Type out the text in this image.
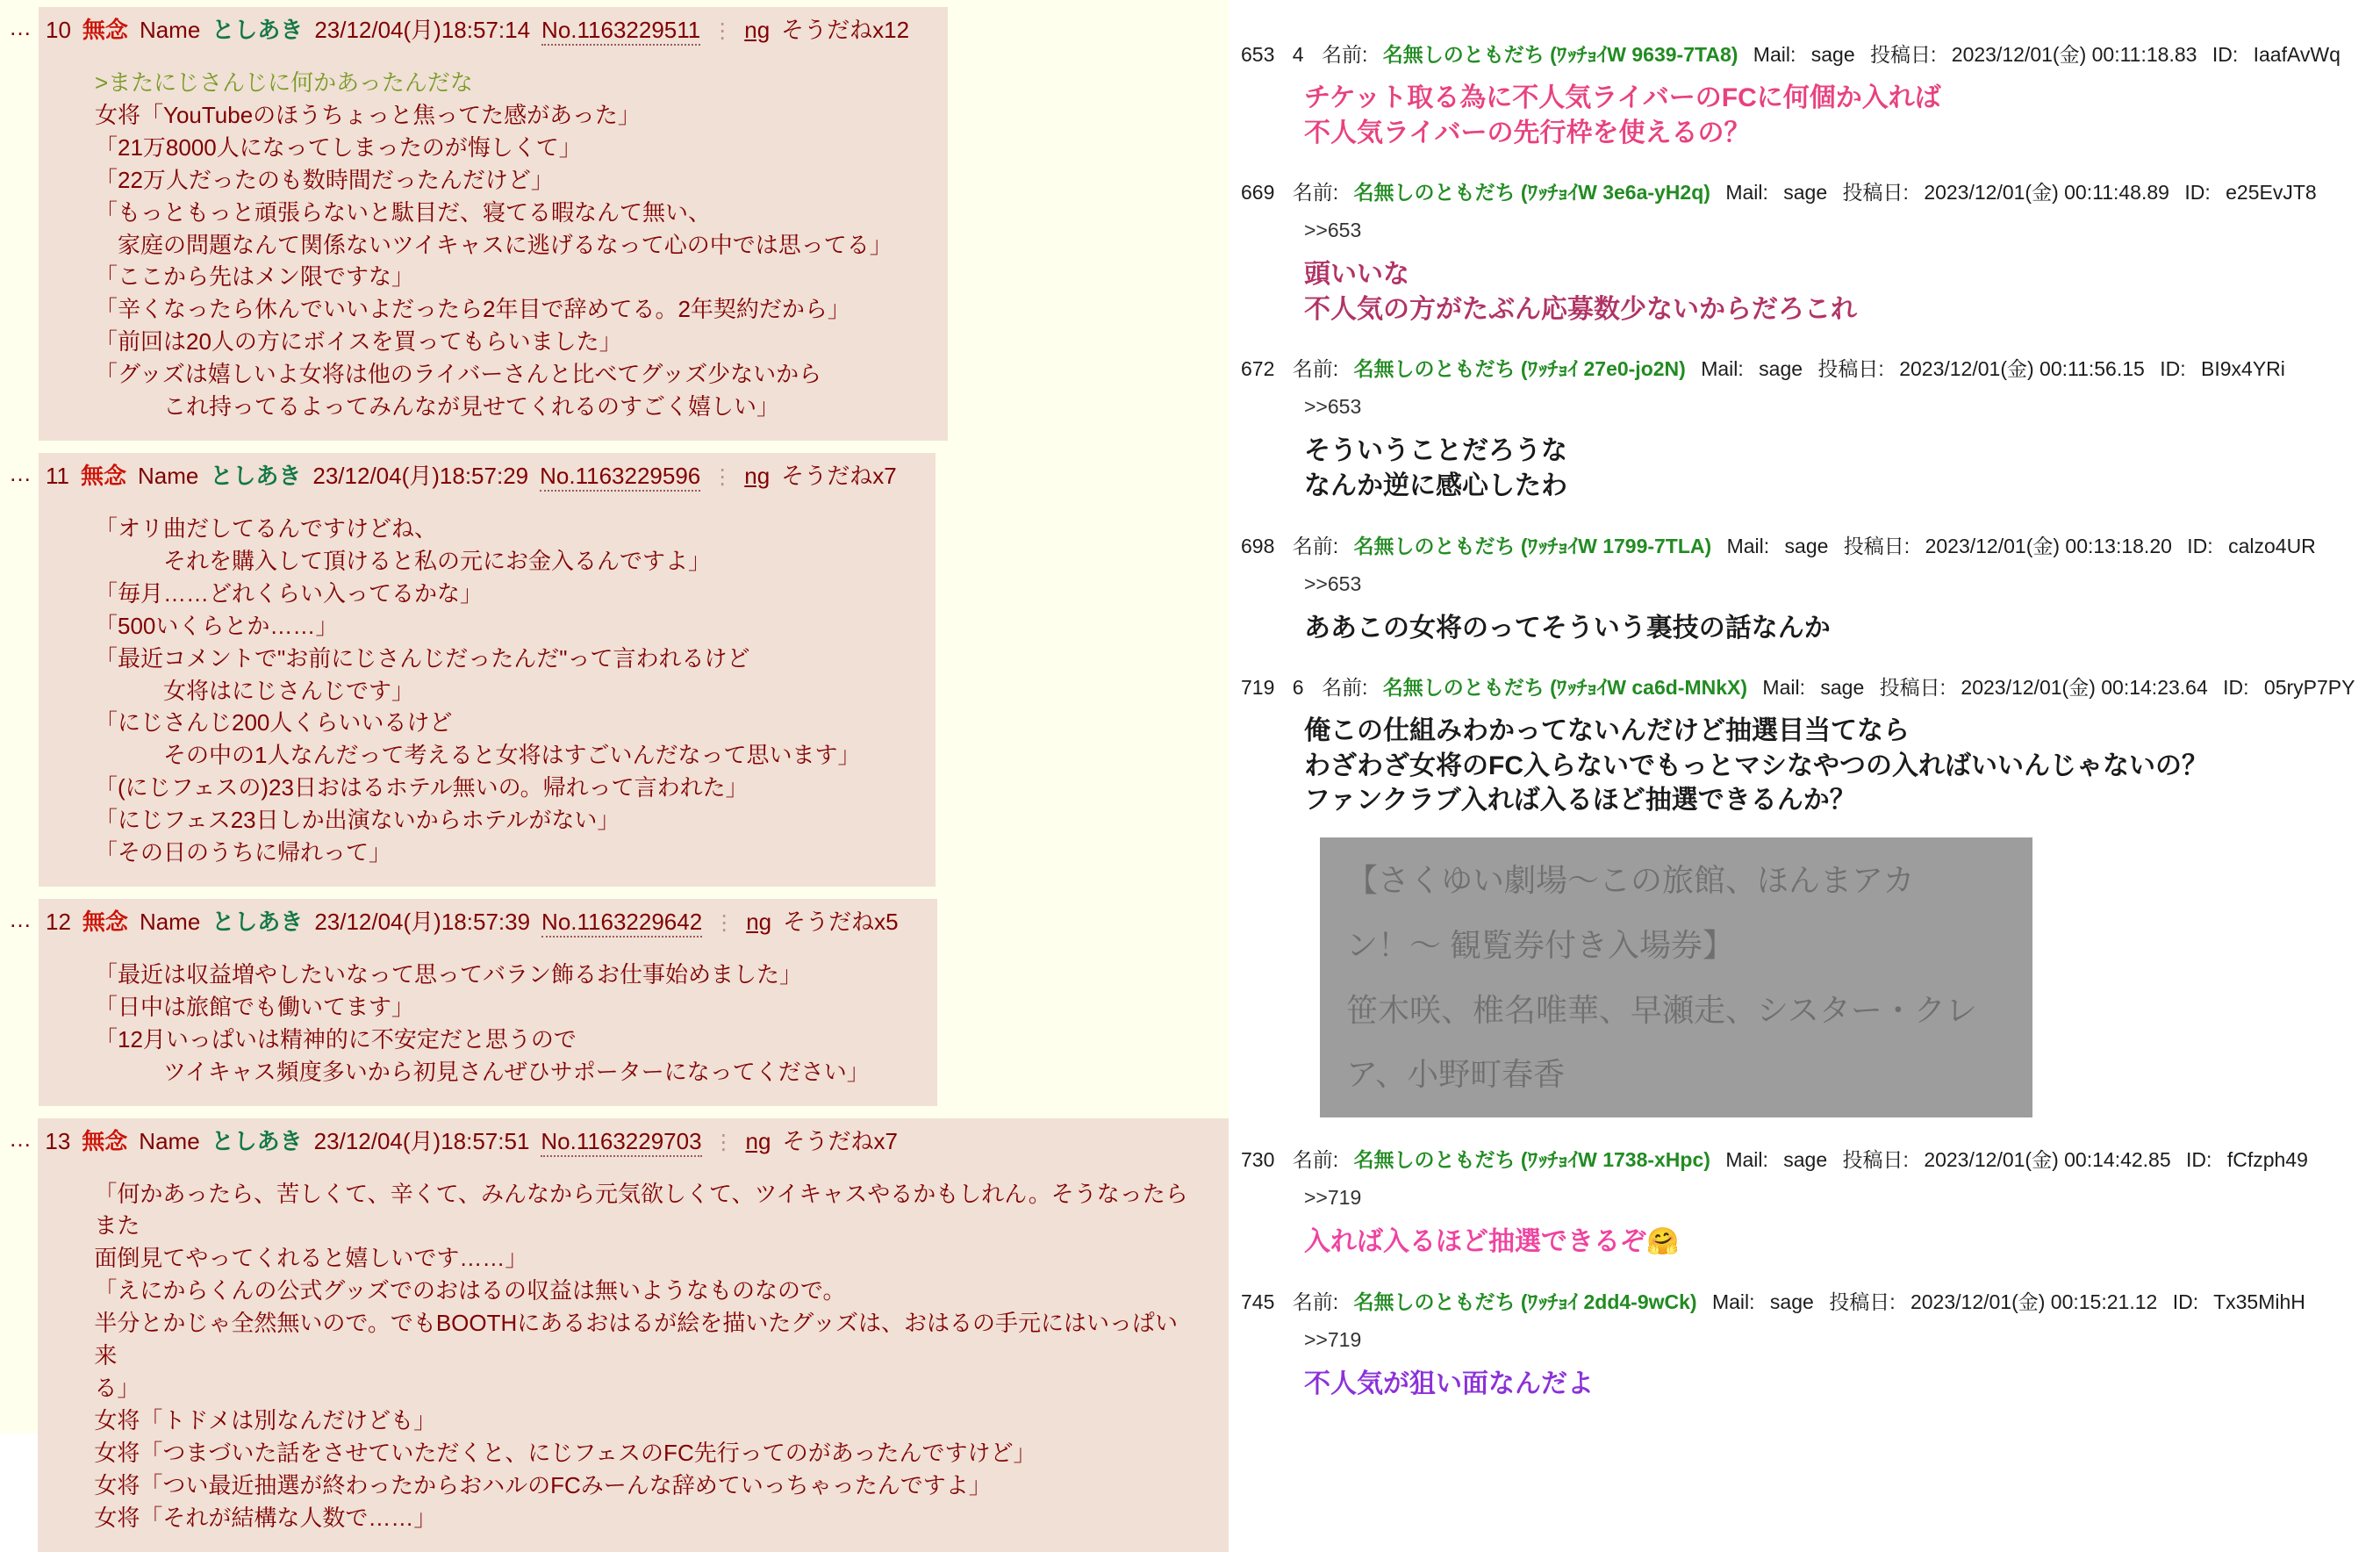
… 10 無念 Name としあき 23/12/04(月)18:57:14 No.1163229511 ⋮ ng そうだねx12
>またにじさんじに何かあったんだな
女将「YouTubeのほうちょっと焦ってた感があった」
「21万8000人になってしまったのが悔しくて」
「22万人だったのも数時間だったんだけど」
「もっともっと頑張らないと駄目だ、寝てる暇なんて無い、
　家庭の問題なんて関係ないツイキャスに逃げるなって心の中では思ってる」
「ここから先はメン限ですな」
「辛くなったら休んでいいよだったら2年目で辞めてる。2年契約だから」
「前回は20人の方にボイスを買ってもらいました」
「グッズは嬉しいよ女将は他のライバーさんと比べてグッズ少ないから
　　　これ持ってるよってみんなが見せてくれるのすごく嬉しい」
… 11 無念 Name としあき 23/12/04(月)18:57:29 No.1163229596 ⋮ ng そうだねx7
「オリ曲だしてるんですけどね、
　　　それを購入して頂けると私の元にお金入るんですよ」
「毎月……どれくらい入ってるかな」
「500いくらとか……」
「最近コメントで"お前にじさんじだったんだ"って言われるけど
　　　女将はにじさんじです」
「にじさんじ200人くらいいるけど
　　　その中の1人なんだって考えると女将はすごいんだなって思います」
「(にじフェスの)23日おはるホテル無いの。帰れって言われた」
「にじフェス23日しか出演ないからホテルがない」
「その日のうちに帰れって」
… 12 無念 Name としあき 23/12/04(月)18:57:39 No.1163229642 ⋮ ng そうだねx5
「最近は収益増やしたいなって思ってバラン飾るお仕事始めました」
「日中は旅館でも働いてます」
「12月いっぱいは精神的に不安定だと思うので
　　　ツイキャス頻度多いから初見さんぜひサポーターになってください」
… 13 無念 Name としあき 23/12/04(月)18:57:51 No.1163229703 ⋮ ng そうだねx7
「何かあったら、苦しくて、辛くて、みんなから元気欲しくて、ツイキャスやるかもしれん。そうなったらまた
面倒見てやってくれると嬉しいです……」
「えにからくんの公式グッズでのおはるの収益は無いようなものなので。
半分とかじゃ全然無いので。でもBOOTHにあるおはるが絵を描いたグッズは、おはるの手元にはいっぱい来
る」
女将「トドメは別なんだけども」
女将「つまづいた話をさせていただくと、にじフェスのFC先行ってのがあったんですけど」
女将「つい最近抽選が終わったからおハルのFCみーんな辞めていっちゃったんですよ」
女将「それが結構な人数で……」
653 4 名前: 名無しのともだち (ﾜｯﾁｮｲW 9639-7TA8) Mail: sage 投稿日: 2023/12/01(金) 00:11:18.83 ID: IaafAvWq
チケット取る為に不人気ライバーのFCに何個か入れば
不人気ライバーの先行枠を使えるの？
669 名前: 名無しのともだち (ﾜｯﾁｮｲW 3e6a-yH2q) Mail: sage 投稿日: 2023/12/01(金) 00:11:48.89 ID: e25EvJT8
>>653
頭いいな
不人気の方がたぶん応募数少ないからだろこれ
672 名前: 名無しのともだち (ﾜｯﾁｮｲ 27e0-jo2N) Mail: sage 投稿日: 2023/12/01(金) 00:11:56.15 ID: BI9x4YRi
>>653
そういうことだろうな
なんか逆に感心したわ
698 名前: 名無しのともだち (ﾜｯﾁｮｲW 1799-7TLA) Mail: sage 投稿日: 2023/12/01(金) 00:13:18.20 ID: calzo4UR
>>653
ああこの女将のってそういう裏技の話なんか
719 6 名前: 名無しのともだち (ﾜｯﾁｮｲW ca6d-MNkX) Mail: sage 投稿日: 2023/12/01(金) 00:14:23.64 ID: 05ryP7PY
俺この仕組みわかってないんだけど抽選目当てなら
わざわざ女将のFC入らないでもっとマシなやつの入ればいいんじゃないの？
ファンクラブ入れば入るほど抽選できるんか？
【さくゆい劇場〜この旅館、ほんまアカ
ン！〜 観覧券付き入場券】
笹木咲、椎名唯華、早瀬走、シスター・クレ
ア、小野町春香
730 名前: 名無しのともだち (ﾜｯﾁｮｲW 1738-xHpc) Mail: sage 投稿日: 2023/12/01(金) 00:14:42.85 ID: fCfzph49
>>719
入れば入るほど抽選できるぞ🤗
745 名前: 名無しのともだち (ﾜｯﾁｮｲ 2dd4-9wCk) Mail: sage 投稿日: 2023/12/01(金) 00:15:21.12 ID: Tx35MihH
>>719
不人気が狙い面なんだよ
